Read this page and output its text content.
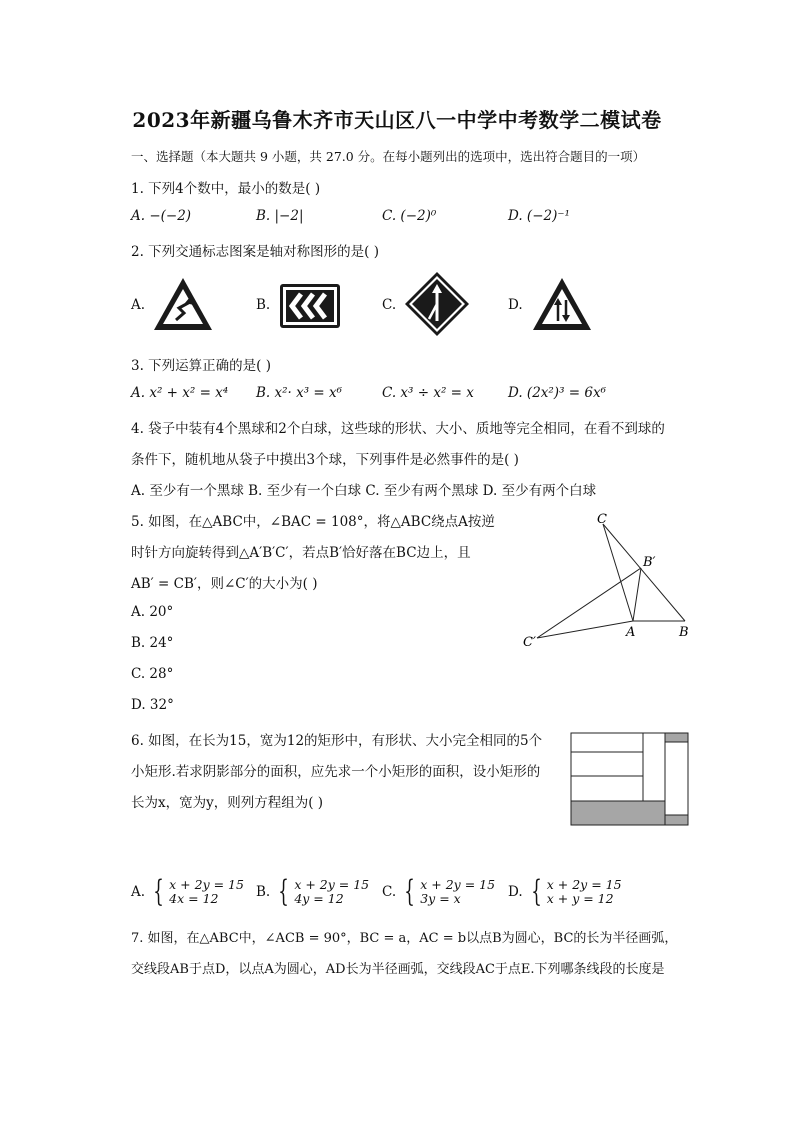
2023年新疆乌鲁木齐市天山区八一中学中考数学二模试卷
一、选择题（本大题共 9 小题，共 27.0 分。在每小题列出的选项中，选出符合题目的一项）
1. 下列4个数中，最小的数是( )
A. −(−2)	B. |−2|	C. (−2)⁰	D. (−2)⁻¹
2. 下列交通标志图案是轴对称图形的是( )
A.	B.	C.	D.
3. 下列运算正确的是( )
A. x² + x² = x⁴ B. x²· x³ = x⁶	C. x³ ÷ x² = x	D. (2x²)³ = 6x⁶
4. 袋子中装有4个黑球和2个白球，这些球的形状、大小、质地等完全相同，在看不到球的
条件下，随机地从袋子中摸出3个球，下列事件是必然事件的是( )
A. 至少有一个黑球 B. 至少有一个白球 C. 至少有两个黑球 D. 至少有两个白球
5. 如图，在△ABC中，∠BAC = 108°，将△ABC绕点A按逆
时针方向旋转得到△A′B′C′，若点B′恰好落在BC边上，且
AB′ = CB′，则∠C′的大小为( )
A. 20°
B. 24°
C. 28°
D. 32°
C
B′
A	B
C′
6. 如图，在长为15，宽为12的矩形中，有形状、大小完全相同的5个
小矩形.若求阴影部分的面积，应先求一个小矩形的面积，设小矩形的
长为x，宽为y，则列方程组为( )
A. { x + 2y = 15
4x = 12	B. { x + 2y = 15
4y = 12	C. { x + 2y = 15
3y = x	D. { x + 2y = 15
x + y = 12
7. 如图，在△ABC中，∠ACB = 90°，BC = a，AC = b以点B为圆心，BC的长为半径画弧，
交线段AB于点D，以点A为圆心，AD长为半径画弧，交线段AC于点E.下列哪条线段的长度是
